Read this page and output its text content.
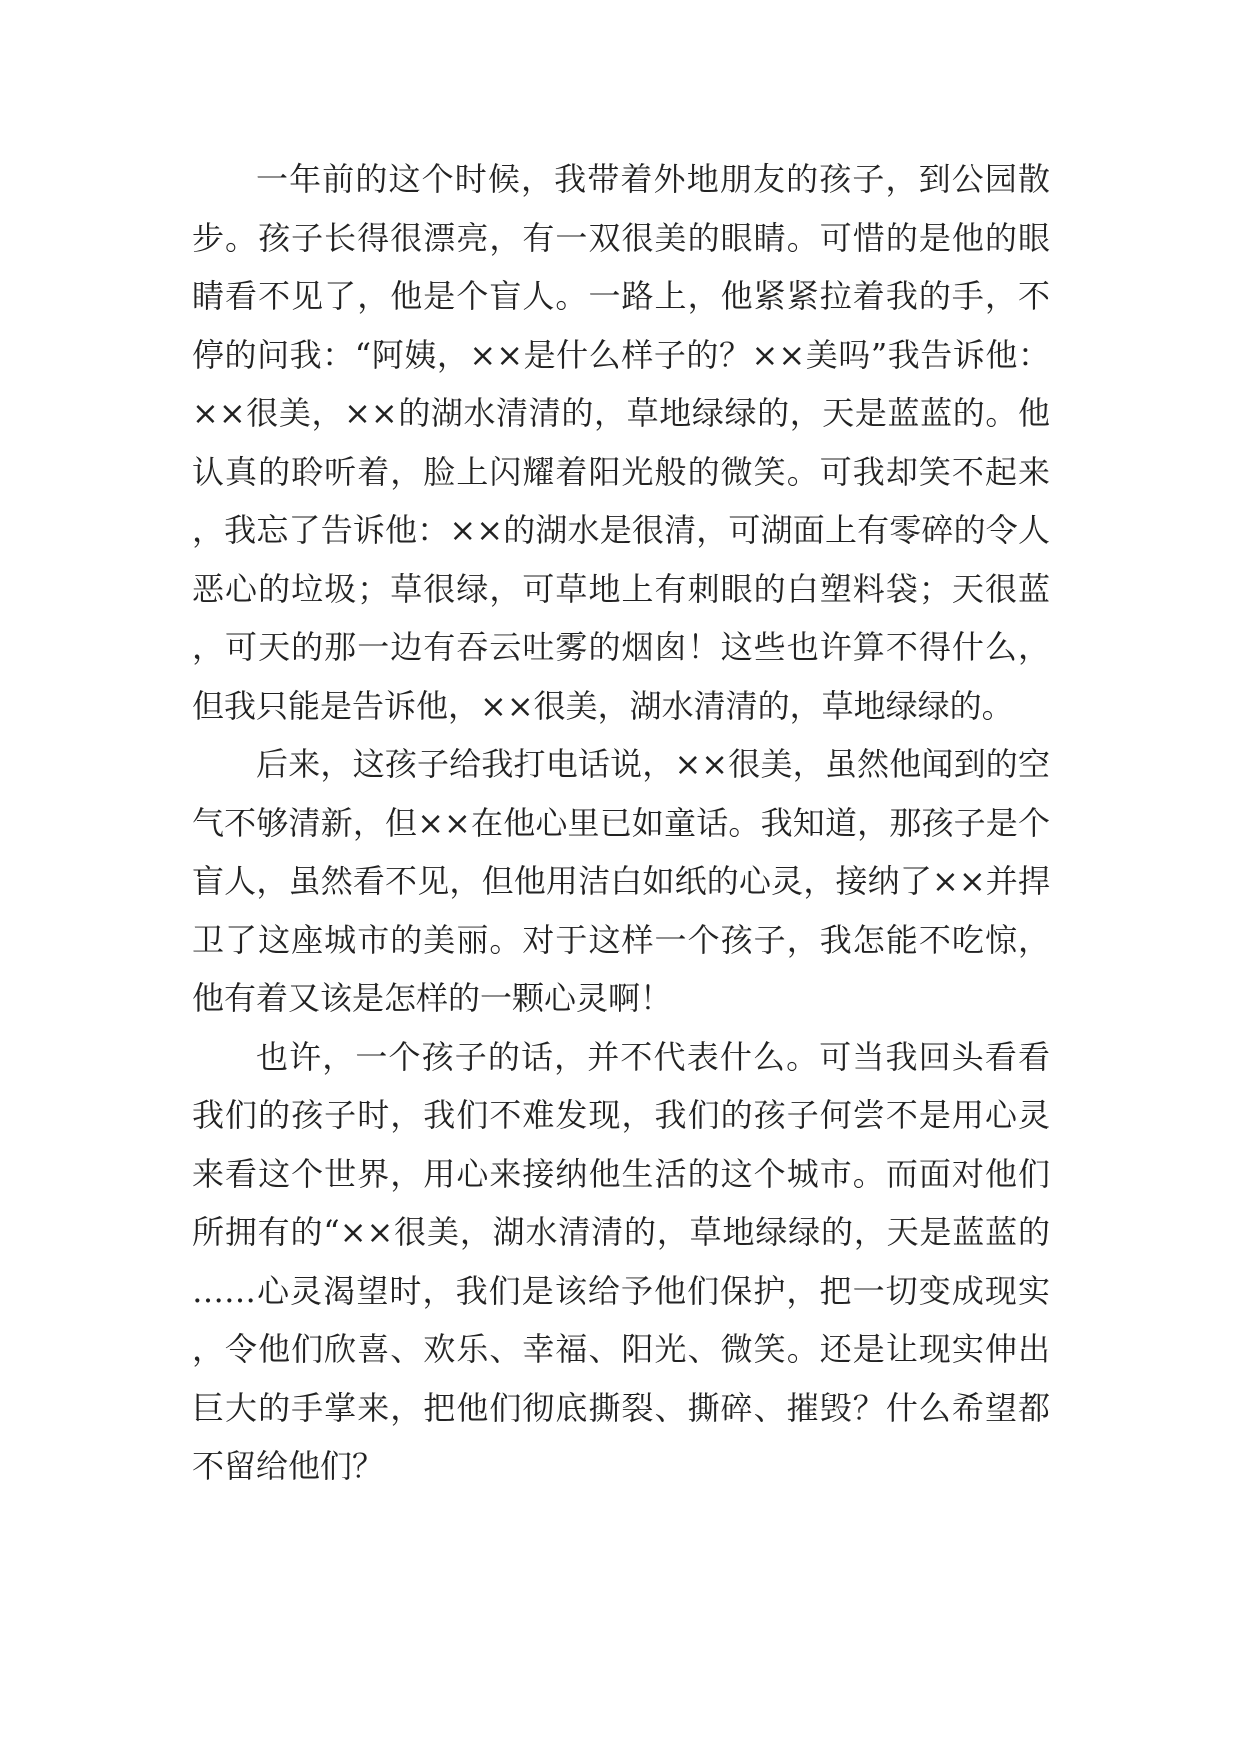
一年前的这个时候，我带着外地朋友的孩子，到公园散步。孩子长得很漂亮，有一双很美的眼睛。可惜的是他的眼睛看不见了，他是个盲人。一路上，他紧紧拉着我的手，不停的问我：“阿姨，××是什么样子的？××美吗”我告诉他：××很美，××的湖水清清的，草地绿绿的，天是蓝蓝的。他认真的聆听着，脸上闪耀着阳光般的微笑。可我却笑不起来，我忘了告诉他：××的湖水是很清，可湖面上有零碎的令人恶心的垃圾；草很绿，可草地上有刺眼的白塑料袋；天很蓝，可天的那一边有吞云吐雾的烟囱！这些也许算不得什么，但我只能是告诉他，××很美，湖水清清的，草地绿绿的。

后来，这孩子给我打电话说，××很美，虽然他闻到的空气不够清新，但××在他心里已如童话。我知道，那孩子是个盲人，虽然看不见，但他用洁白如纸的心灵，接纳了××并捍卫了这座城市的美丽。对于这样一个孩子，我怎能不吃惊，他有着又该是怎样的一颗心灵啊！

也许，一个孩子的话，并不代表什么。可当我回头看看我们的孩子时，我们不难发现，我们的孩子何尝不是用心灵来看这个世界，用心来接纳他生活的这个城市。而面对他们所拥有的“××很美，湖水清清的，草地绿绿的，天是蓝蓝的……心灵渴望时，我们是该给予他们保护，把一切变成现实，令他们欣喜、欢乐、幸福、阳光、微笑。还是让现实伸出巨大的手掌来，把他们彻底撕裂、撕碎、摧毁？什么希望都不留给他们？
